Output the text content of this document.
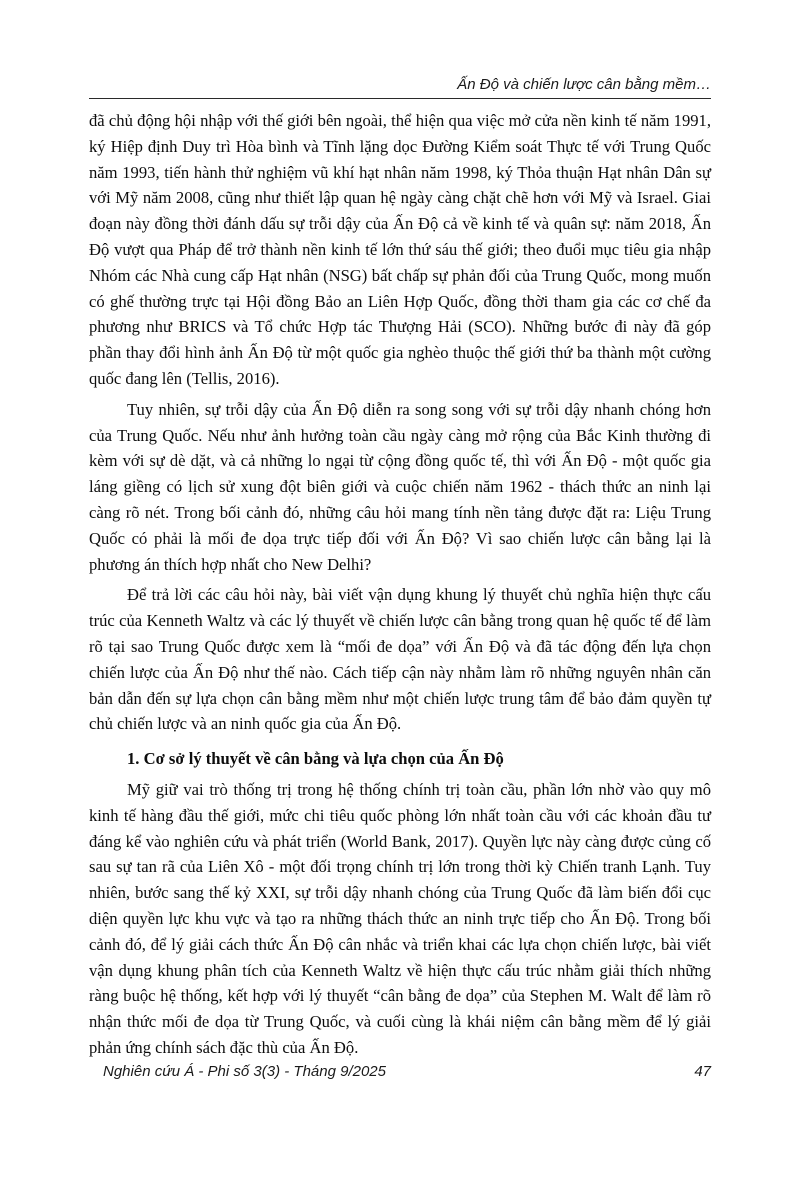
Ấn Độ và chiến lược cân bằng mềm…

đã chủ động hội nhập với thế giới bên ngoài, thể hiện qua việc mở cửa nền kinh tế năm 1991, ký Hiệp định Duy trì Hòa bình và Tĩnh lặng dọc Đường Kiểm soát Thực tế với Trung Quốc năm 1993, tiến hành thử nghiệm vũ khí hạt nhân năm 1998, ký Thỏa thuận Hạt nhân Dân sự với Mỹ năm 2008, cũng như thiết lập quan hệ ngày càng chặt chẽ hơn với Mỹ và Israel. Giai đoạn này đồng thời đánh dấu sự trỗi dậy của Ấn Độ cả về kinh tế và quân sự: năm 2018, Ấn Độ vượt qua Pháp để trở thành nền kinh tế lớn thứ sáu thế giới; theo đuổi mục tiêu gia nhập Nhóm các Nhà cung cấp Hạt nhân (NSG) bất chấp sự phản đối của Trung Quốc, mong muốn có ghế thường trực tại Hội đồng Bảo an Liên Hợp Quốc, đồng thời tham gia các cơ chế đa phương như BRICS và Tổ chức Hợp tác Thượng Hải (SCO). Những bước đi này đã góp phần thay đổi hình ảnh Ấn Độ từ một quốc gia nghèo thuộc thế giới thứ ba thành một cường quốc đang lên (Tellis, 2016).

Tuy nhiên, sự trỗi dậy của Ấn Độ diễn ra song song với sự trỗi dậy nhanh chóng hơn của Trung Quốc. Nếu như ảnh hưởng toàn cầu ngày càng mở rộng của Bắc Kinh thường đi kèm với sự dè dặt, và cả những lo ngại từ cộng đồng quốc tế, thì với Ấn Độ - một quốc gia láng giềng có lịch sử xung đột biên giới và cuộc chiến năm 1962 - thách thức an ninh lại càng rõ nét. Trong bối cảnh đó, những câu hỏi mang tính nền tảng được đặt ra: Liệu Trung Quốc có phải là mối đe dọa trực tiếp đối với Ấn Độ? Vì sao chiến lược cân bằng lại là phương án thích hợp nhất cho New Delhi?

Để trả lời các câu hỏi này, bài viết vận dụng khung lý thuyết chủ nghĩa hiện thực cấu trúc của Kenneth Waltz và các lý thuyết về chiến lược cân bằng trong quan hệ quốc tế để làm rõ tại sao Trung Quốc được xem là “mối đe dọa” với Ấn Độ và đã tác động đến lựa chọn chiến lược của Ấn Độ như thế nào. Cách tiếp cận này nhằm làm rõ những nguyên nhân căn bản dẫn đến sự lựa chọn cân bằng mềm như một chiến lược trung tâm để bảo đảm quyền tự chủ chiến lược và an ninh quốc gia của Ấn Độ.

1. Cơ sở lý thuyết về cân bằng và lựa chọn của Ấn Độ

Mỹ giữ vai trò thống trị trong hệ thống chính trị toàn cầu, phần lớn nhờ vào quy mô kinh tế hàng đầu thế giới, mức chi tiêu quốc phòng lớn nhất toàn cầu với các khoản đầu tư đáng kể vào nghiên cứu và phát triển (World Bank, 2017). Quyền lực này càng được củng cố sau sự tan rã của Liên Xô - một đối trọng chính trị lớn trong thời kỳ Chiến tranh Lạnh. Tuy nhiên, bước sang thế kỷ XXI, sự trỗi dậy nhanh chóng của Trung Quốc đã làm biến đổi cục diện quyền lực khu vực và tạo ra những thách thức an ninh trực tiếp cho Ấn Độ. Trong bối cảnh đó, để lý giải cách thức Ấn Độ cân nhắc và triển khai các lựa chọn chiến lược, bài viết vận dụng khung phân tích của Kenneth Waltz về hiện thực cấu trúc nhằm giải thích những ràng buộc hệ thống, kết hợp với lý thuyết “cân bằng đe dọa” của Stephen M. Walt để làm rõ nhận thức mối đe dọa từ Trung Quốc, và cuối cùng là khái niệm cân bằng mềm để lý giải phản ứng chính sách đặc thù của Ấn Độ.

Nghiên cứu Á - Phi số 3(3) - Tháng 9/2025	47
